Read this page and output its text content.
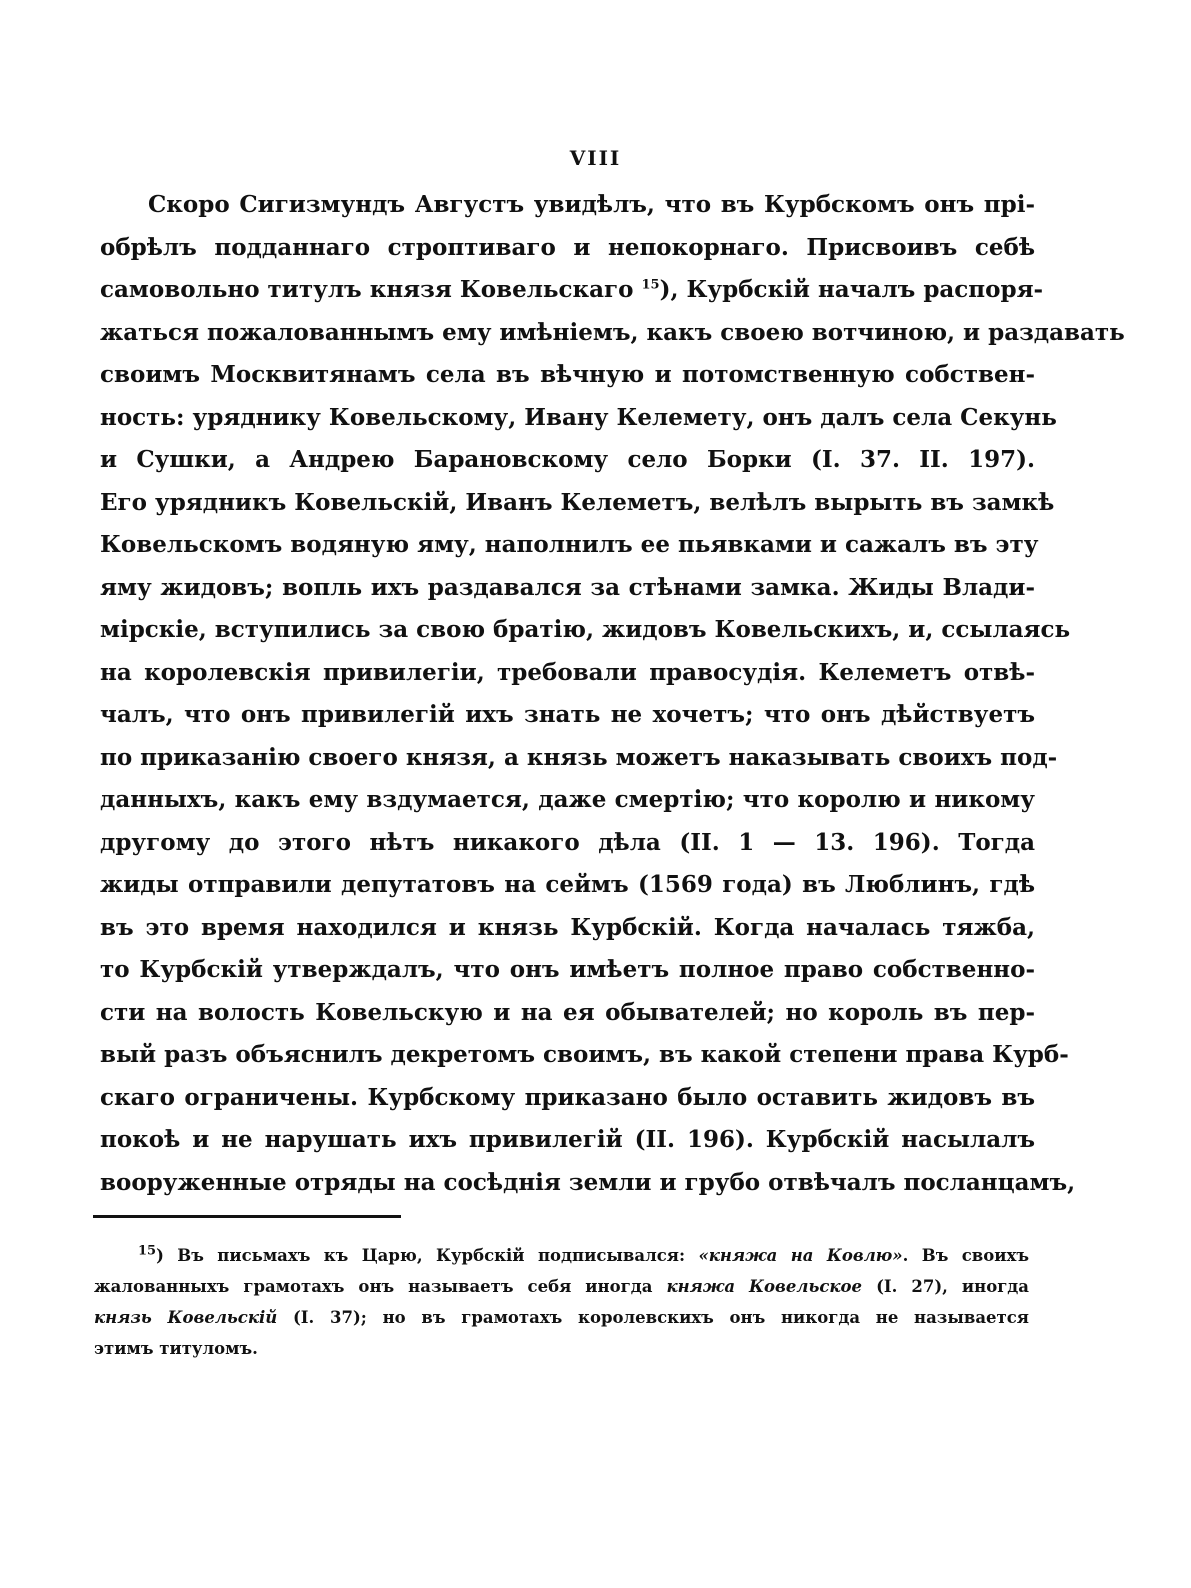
VIII
Скоро Сигизмундъ Августъ увидѣлъ, что въ Курбскомъ онъ прі-
обрѣлъ подданнаго строптиваго и непокорнаго. Присвоивъ себѣ
самовольно титулъ князя Ковельскаго $^{15}$), Курбскій началъ распоря-
жаться пожалованнымъ ему имѣніемъ, какъ своею вотчиною, и раздавать
своимъ Москвитянамъ села въ вѣчную и потомственную собствен-
ность: уряднику Ковельскому, Ивану Келемету, онъ далъ села Секунь
и Сушки, а Андрею Барановскому село Борки (I. 37. II. 197).
Его урядникъ Ковельскій, Иванъ Келеметъ, велѣлъ вырыть въ замкѣ
Ковельскомъ водяную яму, наполнилъ ее пьявками и сажалъ въ эту
яму жидовъ; вопль ихъ раздавался за стѣнами замка. Жиды Влади-
мірскіе, вступились за свою братію, жидовъ Ковельскихъ, и, ссылаясь
на королевскія привилегіи, требовали правосудія. Келеметъ отвѣ-
чалъ, что онъ привилегій ихъ знать не хочетъ; что онъ дѣйствуетъ
по приказанію своего князя, а князь можетъ наказывать своихъ под-
данныхъ, какъ ему вздумается, даже смертію; что королю и никому
другому до этого нѣтъ никакого дѣла (II. 1 — 13. 196). Тогда
жиды отправили депутатовъ на сеймъ (1569 года) въ Люблинъ, гдѣ
въ это время находился и князь Курбскій. Когда началась тяжба,
то Курбскій утверждалъ, что онъ имѣетъ полное право собственно-
сти на волость Ковельскую и на ея обывателей; но король въ пер-
вый разъ объяснилъ декретомъ своимъ, въ какой степени права Курб-
скаго ограничены. Курбскому приказано было оставить жидовъ въ
покоѣ и не нарушать ихъ привилегій (II. 196). Курбскій насылалъ
вооруженные отряды на сосѣднія земли и грубо отвѣчалъ посланцамъ,
$^{15}$) Въ письмахъ къ Царю, Курбскій подписывался: «княжа на Ковлю». Въ своихъ
жалованныхъ грамотахъ онъ называетъ себя иногда княжа Ковельское (I. 27), иногда
князь Ковельскій (I. 37); но въ грамотахъ королевскихъ онъ никогда не называется
этимъ титуломъ.
